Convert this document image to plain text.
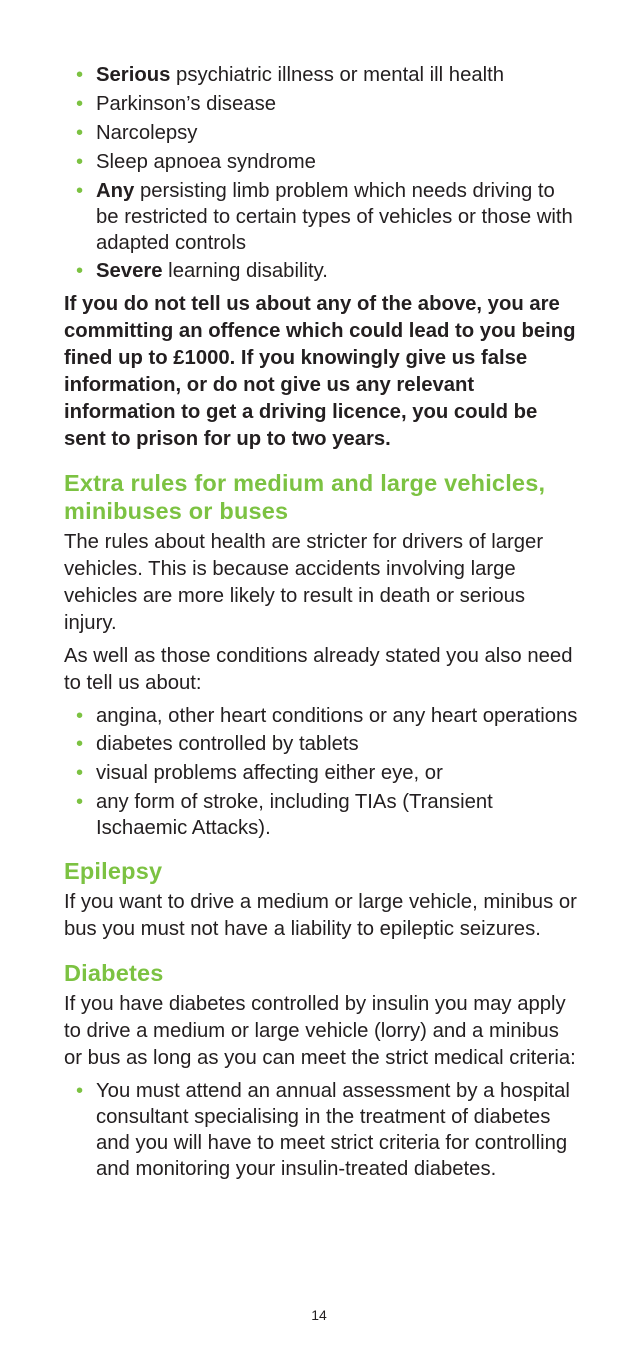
• Serious psychiatric illness or mental ill health
• Parkinson’s disease
• Narcolepsy
• Sleep apnoea syndrome
• Any persisting limb problem which needs driving to be restricted to certain types of vehicles or those with adapted controls
• Severe learning disability.

If you do not tell us about any of the above, you are committing an offence which could lead to you being fined up to £1000. If you knowingly give us false information, or do not give us any relevant information to get a driving licence, you could be sent to prison for up to two years.

Extra rules for medium and large vehicles, minibuses or buses

The rules about health are stricter for drivers of larger vehicles. This is because accidents involving large vehicles are more likely to result in death or serious injury.

As well as those conditions already stated you also need to tell us about:

• angina, other heart conditions or any heart operations
• diabetes controlled by tablets
• visual problems affecting either eye, or
• any form of stroke, including TIAs (Transient Ischaemic Attacks).
Epilepsy

If you want to drive a medium or large vehicle, minibus or bus you must not have a liability to epileptic seizures.

Diabetes

If you have diabetes controlled by insulin you may apply to drive a medium or large vehicle (lorry) and a minibus or bus as long as you can meet the strict medical criteria:

• You must attend an annual assessment by a hospital consultant specialising in the treatment of diabetes and you will have to meet strict criteria for controlling and monitoring your insulin-treated diabetes.
14
